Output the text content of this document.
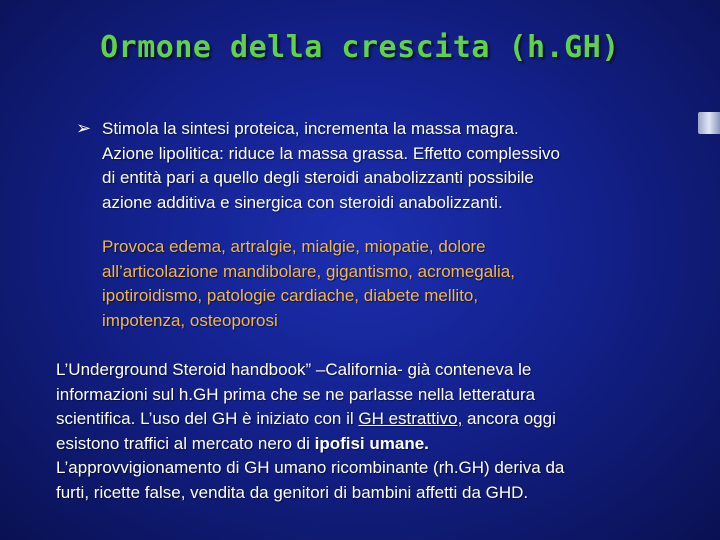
Ormone della crescita (h.GH)
➢ Stimola la sintesi proteica, incrementa la massa magra.
Azione lipolitica: riduce la massa grassa. Effetto complessivo
di entità pari a quello degli steroidi anabolizzanti possibile
azione additiva e sinergica con steroidi anabolizzanti.

Provoca edema, artralgie, mialgie, miopatie, dolore
all’articolazione mandibolare, gigantismo, acromegalia,
ipotiroidismo, patologie cardiache, diabete mellito,
impotenza, osteoporosi

L’Underground Steroid handbook” –California- già conteneva le
informazioni sul h.GH prima che se ne parlasse nella letteratura
scientifica. L’uso del GH è iniziato con il GH estrattivo, ancora oggi
esistono traffici al mercato nero di ipofisi umane.
L’approvvigionamento di GH umano ricombinante (rh.GH) deriva da
furti, ricette false, vendita da genitori di bambini affetti da GHD.
